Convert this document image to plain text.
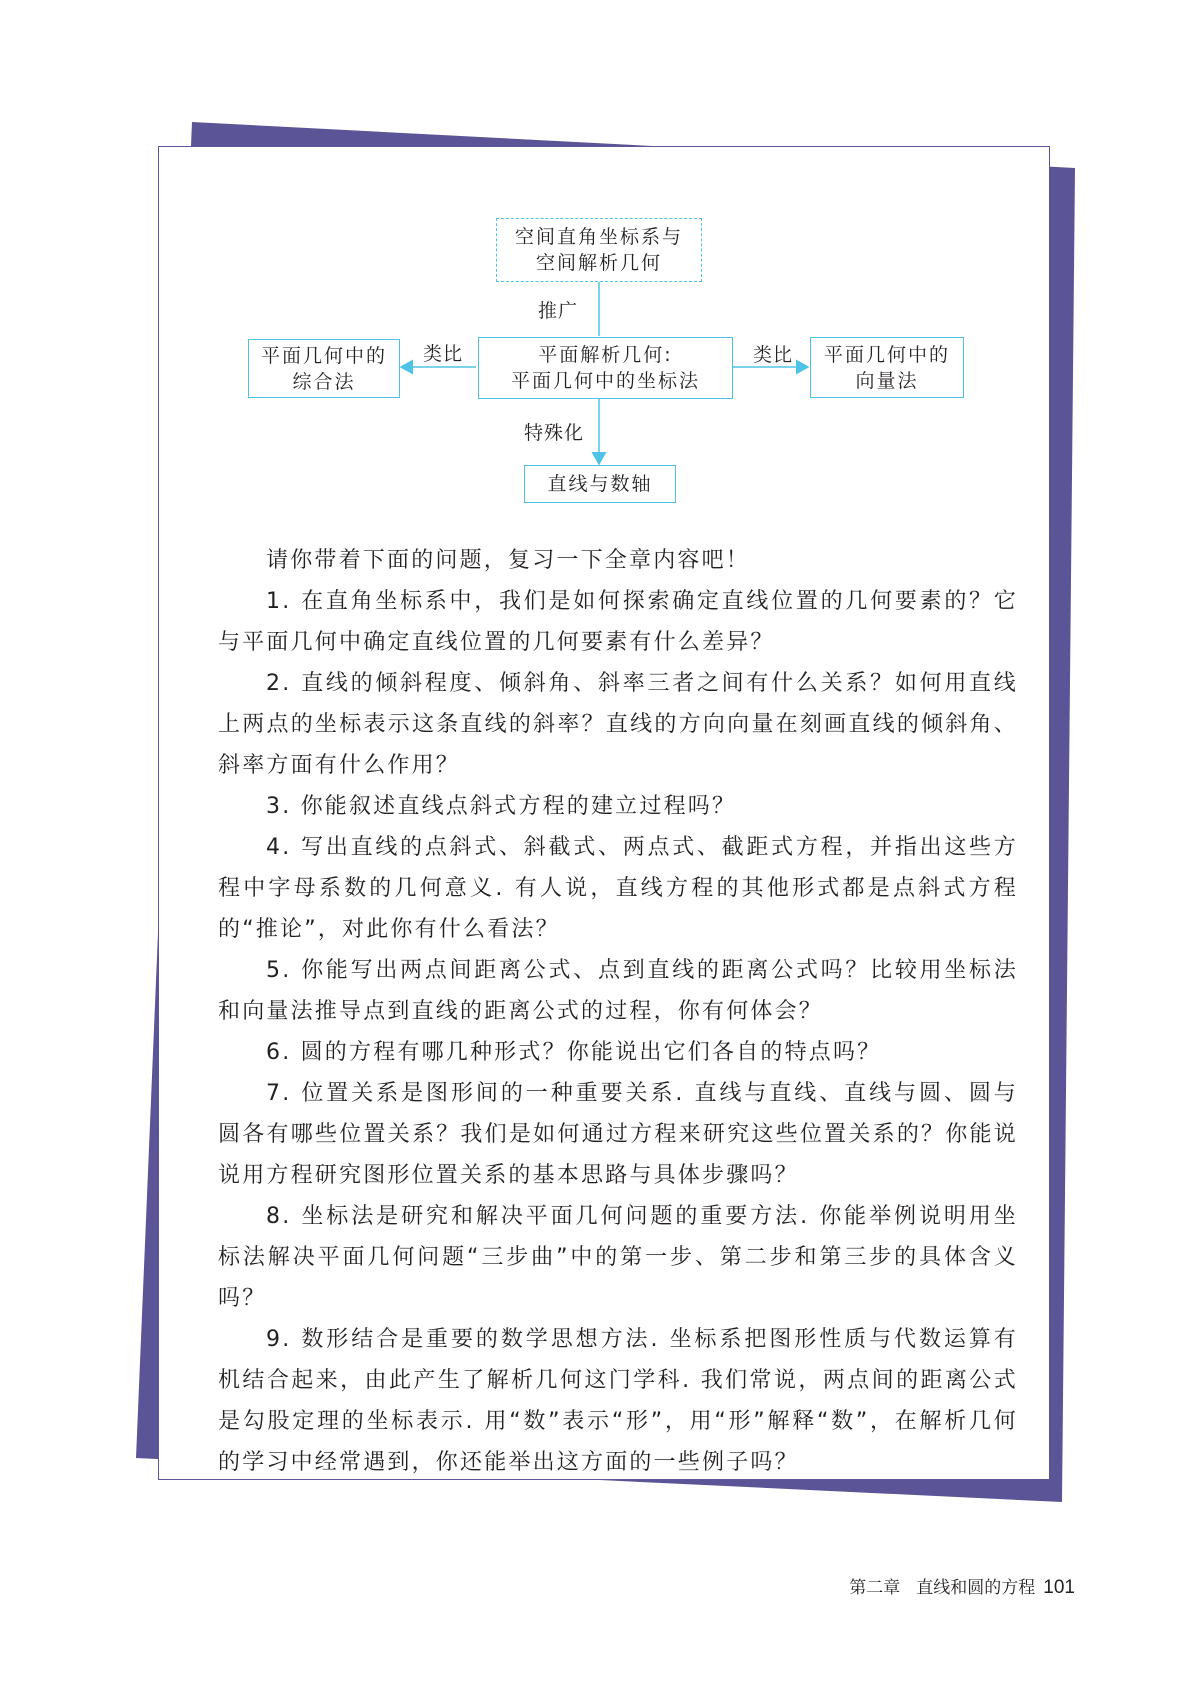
空间直角坐标系与
空间解析几何
平面解析几何:
平面几何中的坐标法
平面几何中的
综合法
平面几何中的
向量法
直线与数轴
推广
类比	类比
特殊化

请你带着下面的问题，复习一下全章内容吧！

1. 在直角坐标系中，我们是如何探索确定直线位置的几何要素的？它与平面几何中确定直线位置的几何要素有什么差异？

2. 直线的倾斜程度、倾斜角、斜率三者之间有什么关系？如何用直线上两点的坐标表示这条直线的斜率？直线的方向向量在刻画直线的倾斜角、斜率方面有什么作用？

3. 你能叙述直线点斜式方程的建立过程吗？

4. 写出直线的点斜式、斜截式、两点式、截距式方程，并指出这些方程中字母系数的几何意义. 有人说，直线方程的其他形式都是点斜式方程的“推论”，对此你有什么看法？

5. 你能写出两点间距离公式、点到直线的距离公式吗？比较用坐标法和向量法推导点到直线的距离公式的过程，你有何体会？

6. 圆的方程有哪几种形式？你能说出它们各自的特点吗？

7. 位置关系是图形间的一种重要关系. 直线与直线、直线与圆、圆与圆各有哪些位置关系？我们是如何通过方程来研究这些位置关系的？你能说说用方程研究图形位置关系的基本思路与具体步骤吗？

8. 坐标法是研究和解决平面几何问题的重要方法. 你能举例说明用坐标法解决平面几何问题“三步曲”中的第一步、第二步和第三步的具体含义吗？

9. 数形结合是重要的数学思想方法. 坐标系把图形性质与代数运算有机结合起来，由此产生了解析几何这门学科. 我们常说，两点间的距离公式是勾股定理的坐标表示. 用“数”表示“形”，用“形”解释“数”，在解析几何的学习中经常遇到，你还能举出这方面的一些例子吗？

第二章 直线和圆的方程 101
